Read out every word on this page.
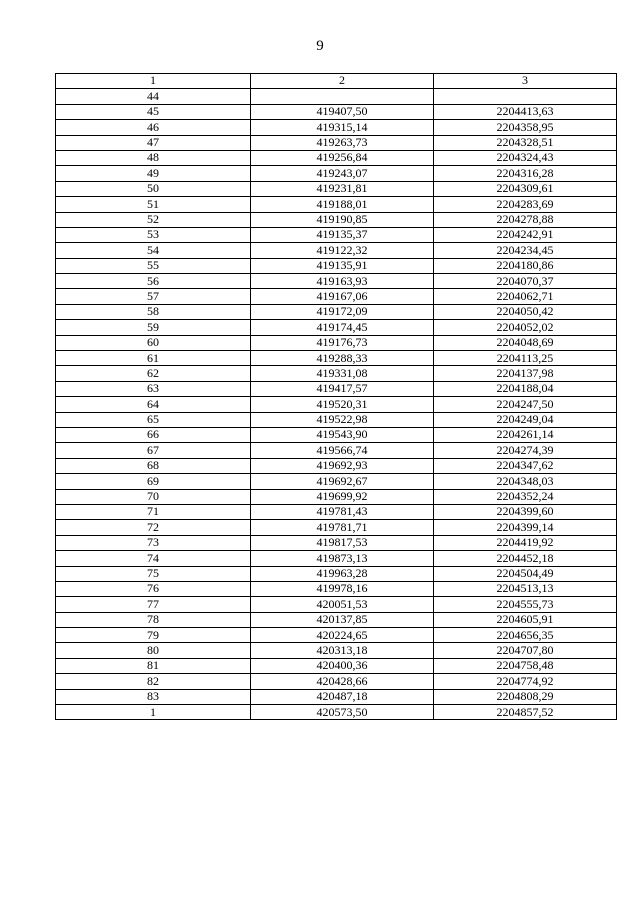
9
1	2	3
44		
45	419407,50	2204413,63
46	419315,14	2204358,95
47	419263,73	2204328,51
48	419256,84	2204324,43
49	419243,07	2204316,28
50	419231,81	2204309,61
51	419188,01	2204283,69
52	419190,85	2204278,88
53	419135,37	2204242,91
54	419122,32	2204234,45
55	419135,91	2204180,86
56	419163,93	2204070,37
57	419167,06	2204062,71
58	419172,09	2204050,42
59	419174,45	2204052,02
60	419176,73	2204048,69
61	419288,33	2204113,25
62	419331,08	2204137,98
63	419417,57	2204188,04
64	419520,31	2204247,50
65	419522,98	2204249,04
66	419543,90	2204261,14
67	419566,74	2204274,39
68	419692,93	2204347,62
69	419692,67	2204348,03
70	419699,92	2204352,24
71	419781,43	2204399,60
72	419781,71	2204399,14
73	419817,53	2204419,92
74	419873,13	2204452,18
75	419963,28	2204504,49
76	419978,16	2204513,13
77	420051,53	2204555,73
78	420137,85	2204605,91
79	420224,65	2204656,35
80	420313,18	2204707,80
81	420400,36	2204758,48
82	420428,66	2204774,92
83	420487,18	2204808,29
1	420573,50	2204857,52
